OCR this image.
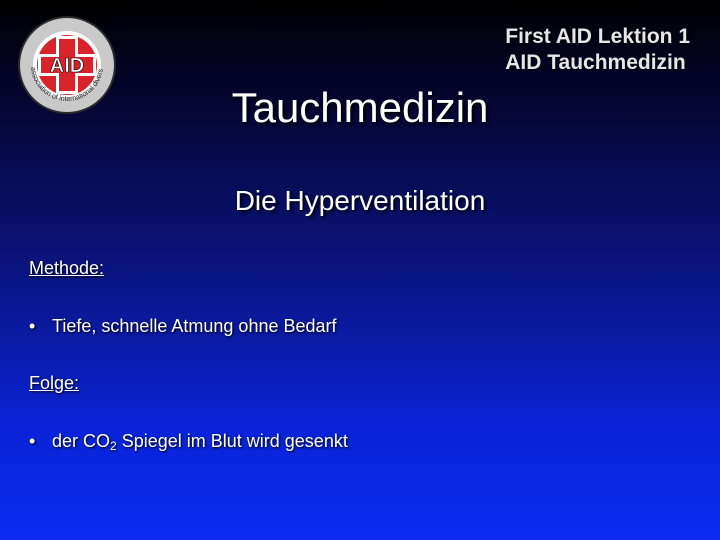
AID
association of international divers
First AID Lektion 1
AID Tauchmedizin
Tauchmedizin
Die Hyperventilation
Methode:
• Tiefe, schnelle Atmung ohne Bedarf
Folge:
• der $CO_2$ Spiegel im Blut wird gesenkt
